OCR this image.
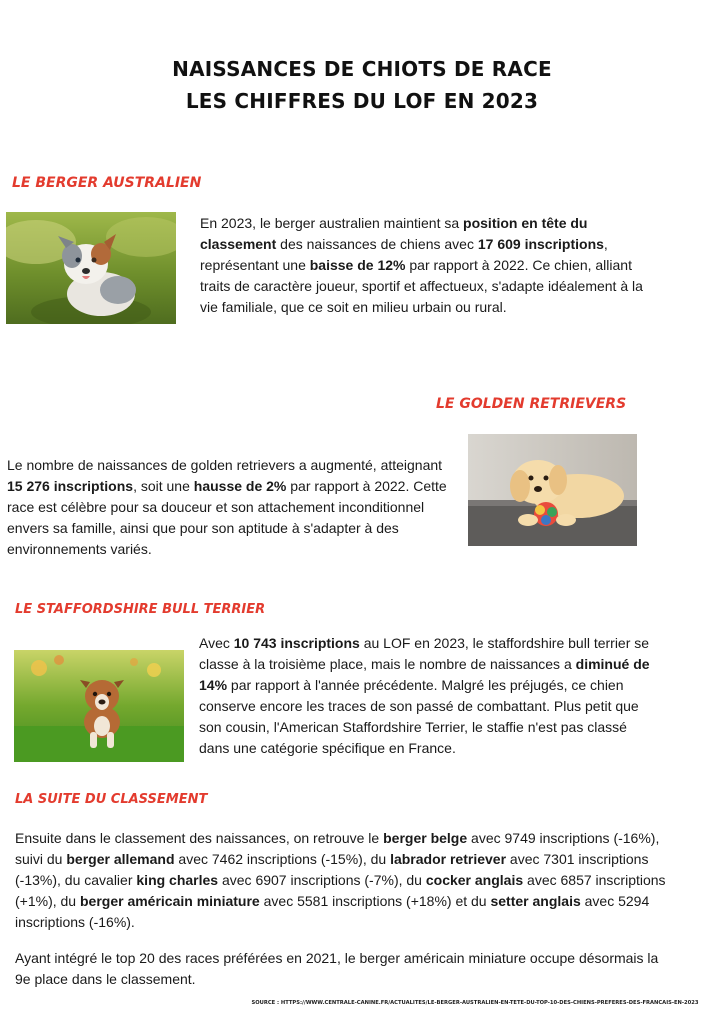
NAISSANCES DE CHIOTS DE RACE
LES CHIFFRES DU LOF EN 2023
LE BERGER AUSTRALIEN
En 2023, le berger australien maintient sa position en tête du classement des naissances de chiens avec 17 609 inscriptions, représentant une baisse de 12% par rapport à 2022. Ce chien, alliant traits de caractère joueur, sportif et affectueux, s'adapte idéalement à la vie familiale, que ce soit en milieu urbain ou rural.
LE GOLDEN RETRIEVERS
Le nombre de naissances de golden retrievers a augmenté, atteignant 15 276 inscriptions, soit une hausse de 2% par rapport à 2022. Cette race est célèbre pour sa douceur et son attachement inconditionnel envers sa famille, ainsi que pour son aptitude à s'adapter à des environnements variés.
LE STAFFORDSHIRE BULL TERRIER
Avec 10 743 inscriptions au LOF en 2023, le staffordshire bull terrier se classe à la troisième place, mais le nombre de naissances a diminué de 14% par rapport à l'année précédente. Malgré les préjugés, ce chien conserve encore les traces de son passé de combattant. Plus petit que son cousin, l'American Staffordshire Terrier, le staffie n'est pas classé dans une catégorie spécifique en France.
LA SUITE DU CLASSEMENT
Ensuite dans le classement des naissances, on retrouve le berger belge avec 9749 inscriptions (-16%), suivi du berger allemand avec 7462 inscriptions (-15%), du labrador retriever avec 7301 inscriptions (-13%), du cavalier king charles avec 6907 inscriptions (-7%), du cocker anglais avec 6857 inscriptions (+1%), du berger américain miniature avec 5581 inscriptions (+18%) et du setter anglais avec 5294 inscriptions (-16%).
Ayant intégré le top 20 des races préférées en 2021, le berger américain miniature occupe désormais la 9e place dans le classement.
SOURCE : HTTPS://WWW.CENTRALE-CANINE.FR/ACTUALITES/LE-BERGER-AUSTRALIEN-EN-TETE-DU-TOP-10-DES-CHIENS-PREFERES-DES-FRANCAIS-EN-2023
